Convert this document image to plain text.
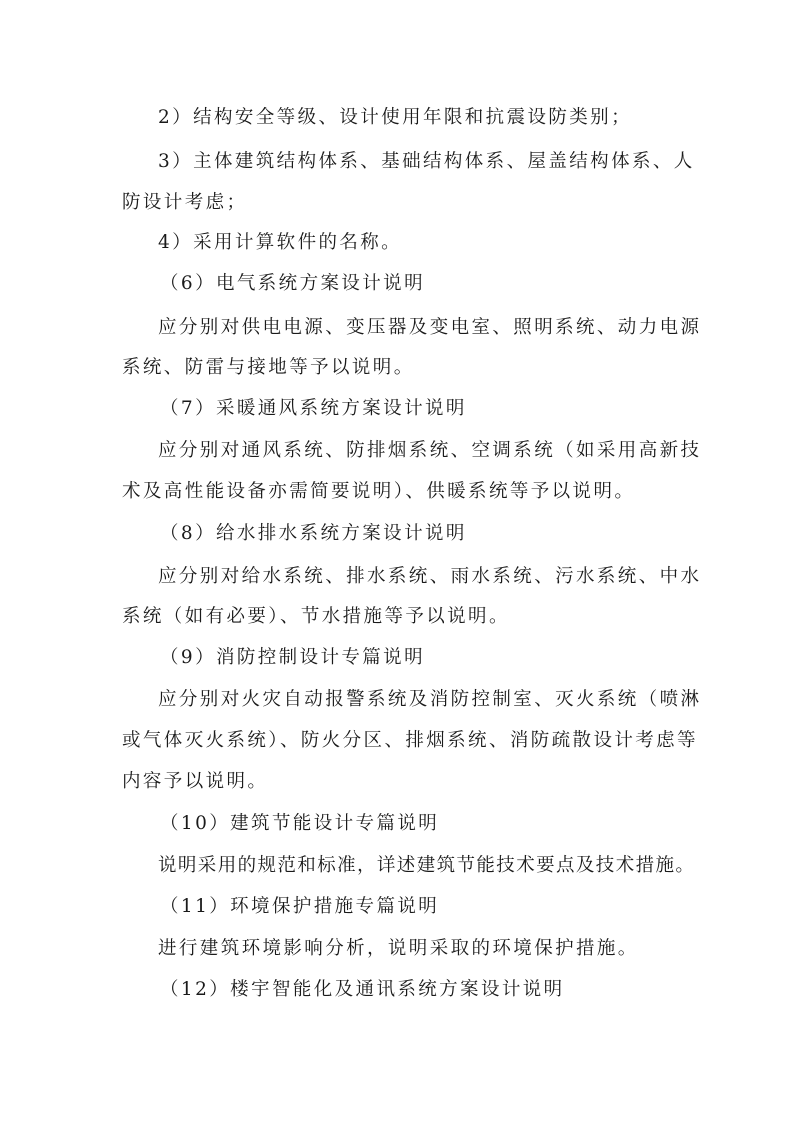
2）结构安全等级、设计使用年限和抗震设防类别；
3）主体建筑结构体系、基础结构体系、屋盖结构体系、人
防设计考虑；
4）采用计算软件的名称。
（6）电气系统方案设计说明
应分别对供电电源、变压器及变电室、照明系统、动力电源
系统、防雷与接地等予以说明。
（7）采暖通风系统方案设计说明
应分别对通风系统、防排烟系统、空调系统（如采用高新技
术及高性能设备亦需简要说明）、供暖系统等予以说明。
（8）给水排水系统方案设计说明
应分别对给水系统、排水系统、雨水系统、污水系统、中水
系统（如有必要）、节水措施等予以说明。
（9）消防控制设计专篇说明
应分别对火灾自动报警系统及消防控制室、灭火系统（喷淋
或气体灭火系统）、防火分区、排烟系统、消防疏散设计考虑等
内容予以说明。
（10）建筑节能设计专篇说明
说明采用的规范和标准，详述建筑节能技术要点及技术措施。
（11）环境保护措施专篇说明
进行建筑环境影响分析，说明采取的环境保护措施。
（12）楼宇智能化及通讯系统方案设计说明
